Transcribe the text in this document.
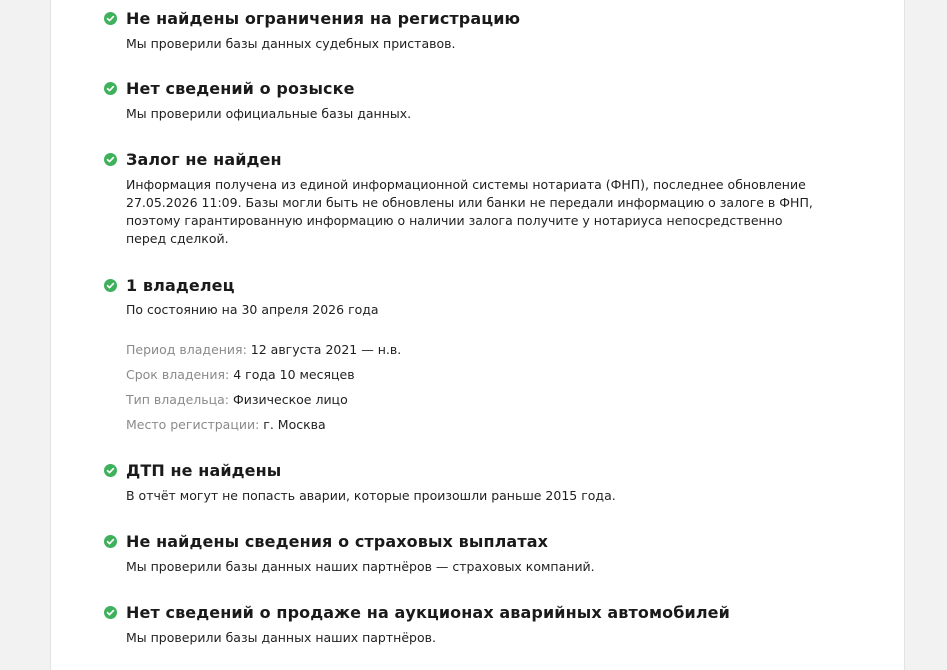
Не найдены ограничения на регистрацию
Мы проверили базы данных судебных приставов.
Нет сведений о розыске
Мы проверили официальные базы данных.
Залог не найден
Информация получена из единой информационной системы нотариата (ФНП), последнее обновление 27.05.2026 11:09. Базы могли быть не обновлены или банки не передали информацию о залоге в ФНП, поэтому гарантированную информацию о наличии залога получите у нотариуса непосредственно перед сделкой.
1 владелец
По состоянию на 30 апреля 2026 года
Период владения: 12 августа 2021 — н.в.
Срок владения: 4 года 10 месяцев
Тип владельца: Физическое лицо
Место регистрации: г. Москва
ДТП не найдены
В отчёт могут не попасть аварии, которые произошли раньше 2015 года.
Не найдены сведения о страховых выплатах
Мы проверили базы данных наших партнёров — страховых компаний.
Нет сведений о продаже на аукционах аварийных автомобилей
Мы проверили базы данных наших партнёров.
